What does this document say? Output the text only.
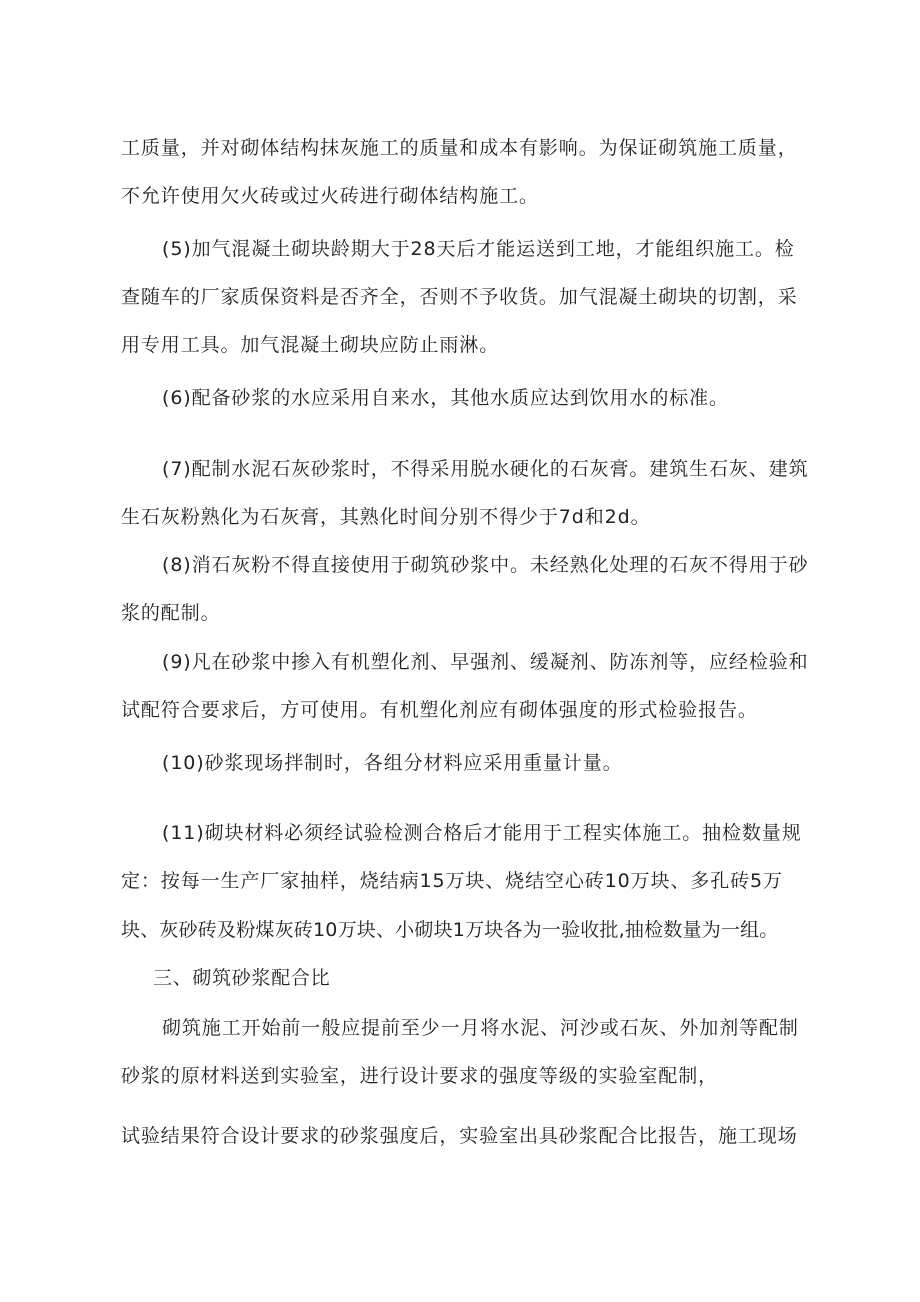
工质量，并对砌体结构抹灰施工的质量和成本有影响。为保证砌筑施工质量，
不允许使用欠火砖或过火砖进行砌体结构施工。
(5)加气混凝土砌块龄期大于28天后才能运送到工地，才能组织施工。检
查随车的厂家质保资料是否齐全，否则不予收货。加气混凝土砌块的切割，采
用专用工具。加气混凝土砌块应防止雨淋。
(6)配备砂浆的水应采用自来水，其他水质应达到饮用水的标准。
(7)配制水泥石灰砂浆时，不得采用脱水硬化的石灰膏。建筑生石灰、建筑
生石灰粉熟化为石灰膏，其熟化时间分别不得少于7d和2d。
(8)消石灰粉不得直接使用于砌筑砂浆中。未经熟化处理的石灰不得用于砂
浆的配制。
(9)凡在砂浆中掺入有机塑化剂、早强剂、缓凝剂、防冻剂等，应经检验和
试配符合要求后，方可使用。有机塑化剂应有砌体强度的形式检验报告。
(10)砂浆现场拌制时，各组分材料应采用重量计量。
(11)砌块材料必须经试验检测合格后才能用于工程实体施工。抽检数量规
定：按每一生产厂家抽样，烧结病15万块、烧结空心砖10万块、多孔砖5万
块、灰砂砖及粉煤灰砖10万块、小砌块1万块各为一验收批,抽检数量为一组。
三、砌筑砂浆配合比
砌筑施工开始前一般应提前至少一月将水泥、河沙或石灰、外加剂等配制
砂浆的原材料送到实验室，进行设计要求的强度等级的实验室配制，
试验结果符合设计要求的砂浆强度后，实验室出具砂浆配合比报告，施工现场
